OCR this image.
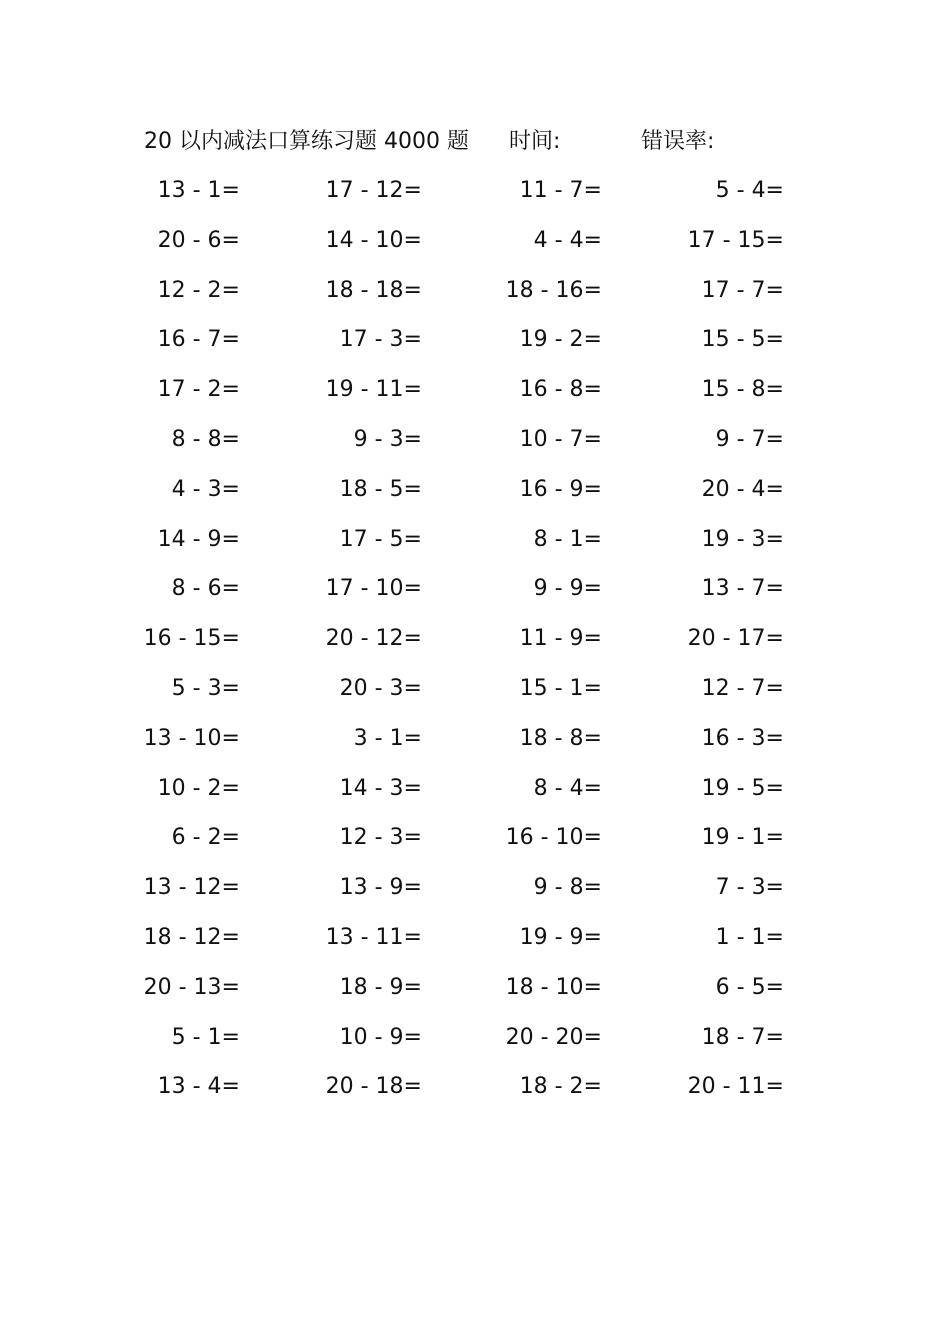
20 以内减法口算练习题 4000 题 时间:	错误率:
13 - 1=	17 - 12=	11 - 7=	5 - 4=
20 - 6=	14 - 10=	4 - 4=	17 - 15=
12 - 2=	18 - 18=	18 - 16=	17 - 7=
16 - 7=	17 - 3=	19 - 2=	15 - 5=
17 - 2=	19 - 11=	16 - 8=	15 - 8=
8 - 8=	9 - 3=	10 - 7=	9 - 7=
4 - 3=	18 - 5=	16 - 9=	20 - 4=
14 - 9=	17 - 5=	8 - 1=	19 - 3=
8 - 6=	17 - 10=	9 - 9=	13 - 7=
16 - 15=	20 - 12=	11 - 9=	20 - 17=
5 - 3=	20 - 3=	15 - 1=	12 - 7=
13 - 10=	3 - 1=	18 - 8=	16 - 3=
10 - 2=	14 - 3=	8 - 4=	19 - 5=
6 - 2=	12 - 3=	16 - 10=	19 - 1=
13 - 12=	13 - 9=	9 - 8=	7 - 3=
18 - 12=	13 - 11=	19 - 9=	1 - 1=
20 - 13=	18 - 9=	18 - 10=	6 - 5=
5 - 1=	10 - 9=	20 - 20=	18 - 7=
13 - 4=	20 - 18=	18 - 2=	20 - 11=
